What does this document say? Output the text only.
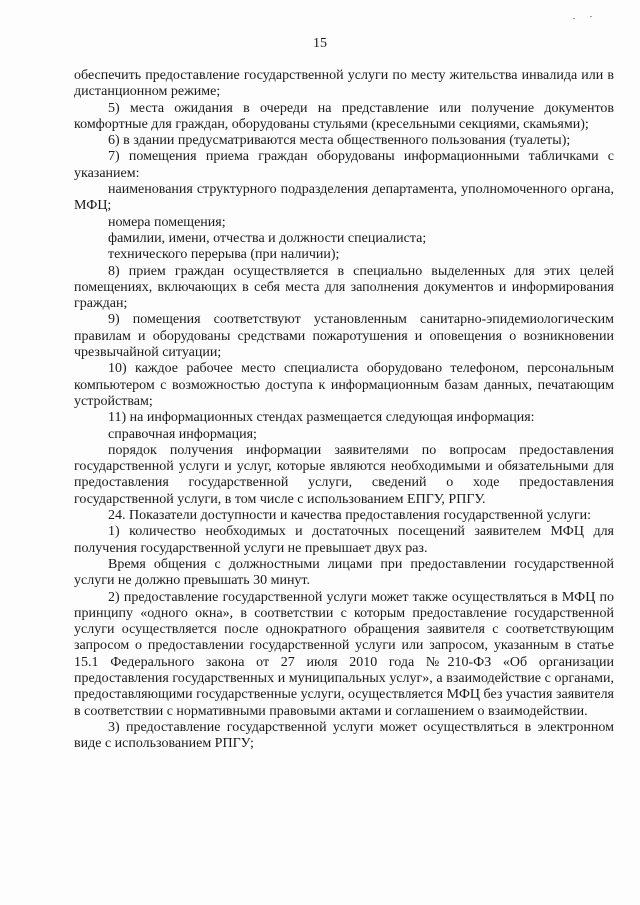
15

обеспечить предоставление государственной услуги по месту жительства инвалида или в дистанционном режиме;

5) места ожидания в очереди на представление или получение документов комфортные для граждан, оборудованы стульями (кресельными секциями, скамьями);

6) в здании предусматриваются места общественного пользования (туалеты);

7) помещения приема граждан оборудованы информационными табличками с указанием:

наименования структурного подразделения департамента, уполномоченного органа, МФЦ;

номера помещения;

фамилии, имени, отчества и должности специалиста;

технического перерыва (при наличии);

8) прием граждан осуществляется в специально выделенных для этих целей помещениях, включающих в себя места для заполнения документов и информирования граждан;

9) помещения соответствуют установленным санитарно-эпидемиологическим правилам и оборудованы средствами пожаротушения и оповещения о возникновении чрезвычайной ситуации;

10) каждое рабочее место специалиста оборудовано телефоном, персональным компьютером с возможностью доступа к информационным базам данных, печатающим устройствам;

11) на информационных стендах размещается следующая информация:

справочная информация;

порядок получения информации заявителями по вопросам предоставления государственной услуги и услуг, которые являются необходимыми и обязательными для предоставления государственной услуги, сведений о ходе предоставления государственной услуги, в том числе с использованием ЕПГУ, РПГУ.

24. Показатели доступности и качества предоставления государственной услуги:

1) количество необходимых и достаточных посещений заявителем МФЦ для получения государственной услуги не превышает двух раз.

Время общения с должностными лицами при предоставлении государственной услуги не должно превышать 30 минут.

2) предоставление государственной услуги может также осуществляться в МФЦ по принципу «одного окна», в соответствии с которым предоставление государственной услуги осуществляется после однократного обращения заявителя с соответствующим запросом о предоставлении государственной услуги или запросом, указанным в статье 15.1 Федерального закона от 27 июля 2010 года №210-ФЗ «Об организации предоставления государственных и муниципальных услуг», а взаимодействие с органами, предоставляющими государственные услуги, осуществляется МФЦ без участия заявителя в соответствии с нормативными правовыми актами и соглашением о взаимодействии.

3) предоставление государственной услуги может осуществляться в электронном виде с использованием РПГУ;
